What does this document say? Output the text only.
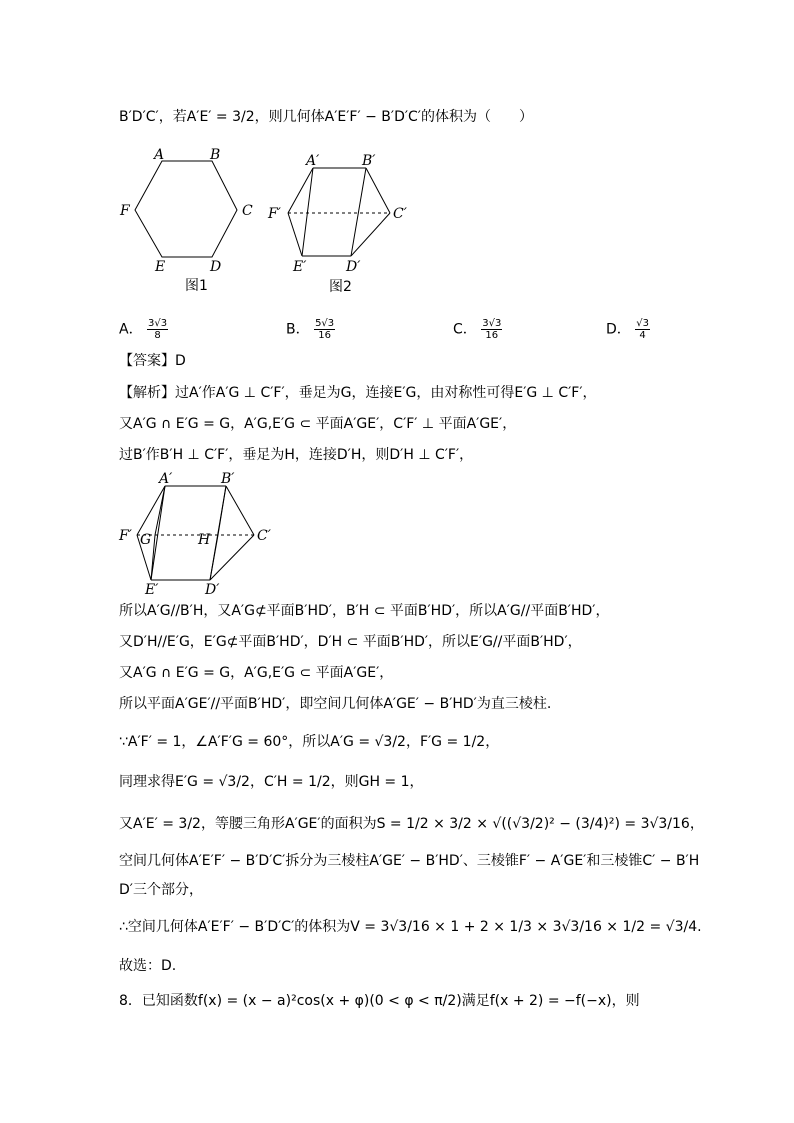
B′D′C′，若A′E′ = 3/2，则几何体A′E′F′ − B′D′C′的体积为（　　）
A	B
C
D
E
F
图1
A′	B′
C′
D′
E′
F′
图2
A． $\frac{3√3}{8}$	B． $\frac{5√3}{16}$	C． $\frac{3√3}{16}$	D． $\frac{√3}{4}$
【答案】D
【解析】过A′作A′G ⊥ C′F′，垂足为G，连接E′G，由对称性可得E′G ⊥ C′F′，
又A′G ∩ E′G = G，A′G,E′G ⊂ 平面A′GE′，C′F′ ⊥ 平面A′GE′，
过B′作B′H ⊥ C′F′，垂足为H，连接D′H，则D′H ⊥ C′F′，
A′	B′
C′
D′
E′
F′ G	H
所以A′G//B′H，又A′G⊄平面B′HD′，B′H ⊂ 平面B′HD′，所以A′G//平面B′HD′，
又D′H//E′G，E′G⊄平面B′HD′，D′H ⊂ 平面B′HD′，所以E′G//平面B′HD′，
又A′G ∩ E′G = G，A′G,E′G ⊂ 平面A′GE′，
所以平面A′GE′//平面B′HD′，即空间几何体A′GE′ − B′HD′为直三棱柱.
∵A′F′ = 1，∠A′F′G = 60°，所以A′G = √3/2，F′G = 1/2，
同理求得E′G = √3/2，C′H = 1/2，则GH = 1，
又A′E′ = 3/2，等腰三角形A′GE′的面积为S = 1/2 × 3/2 × √((√3/2)² − (3/4)²) = 3√3/16，
空间几何体A′E′F′ − B′D′C′拆分为三棱柱A′GE′ − B′HD′、三棱锥F′ − A′GE′和三棱锥C′ − B′H
D′三个部分，
∴空间几何体A′E′F′ − B′D′C′的体积为V = 3√3/16 × 1 + 2 × 1/3 × 3√3/16 × 1/2 = √3/4.
故选：D.
8．已知函数f(x) = (x − a)²cos(x + φ)(0 < φ < π/2)满足f(x + 2) = −f(−x)，则
